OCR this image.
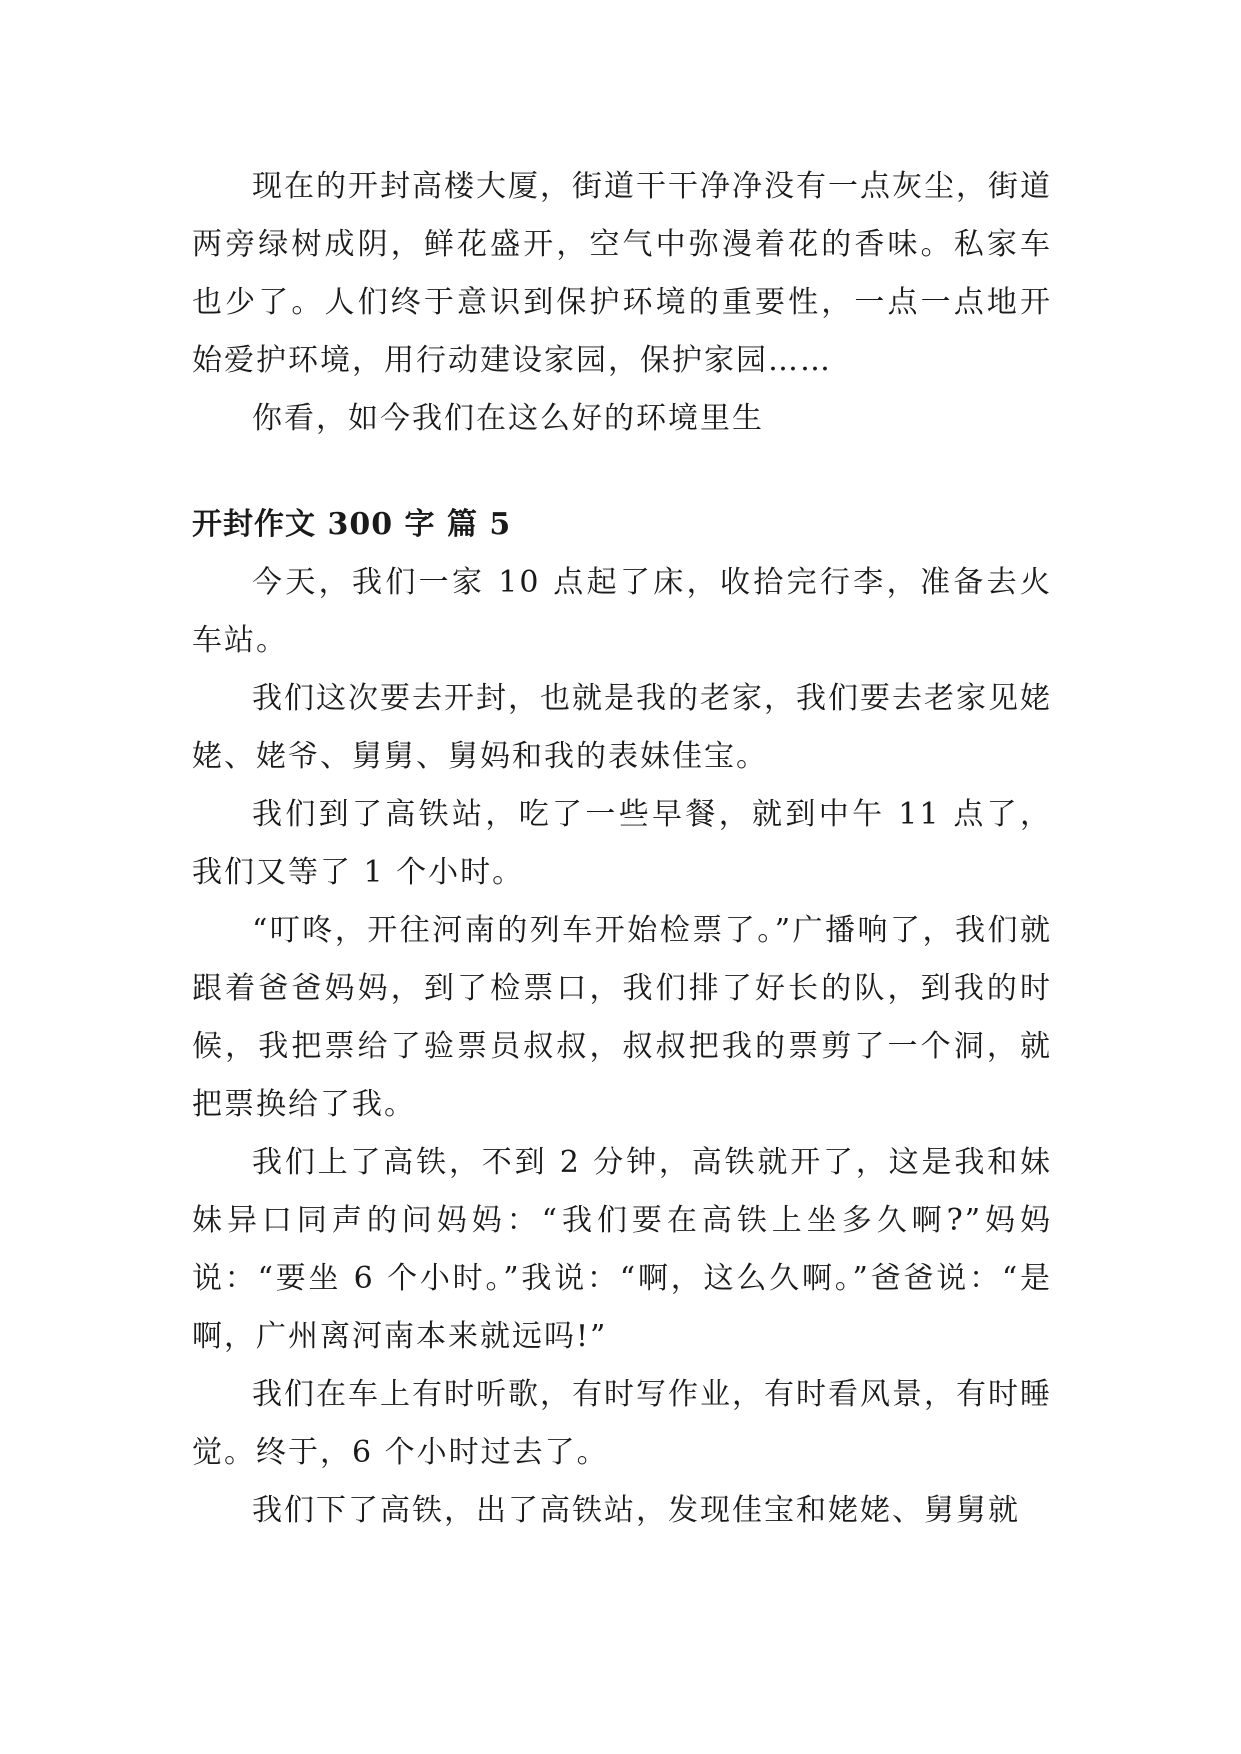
现在的开封高楼大厦，街道干干净净没有一点灰尘，街道两旁绿树成阴，鲜花盛开，空气中弥漫着花的香味。私家车也少了。人们终于意识到保护环境的重要性，一点一点地开始爱护环境，用行动建设家园，保护家园……

你看，如今我们在这么好的环境里生

开封作文 300 字 篇 5

今天，我们一家 10 点起了床，收拾完行李，准备去火车站。

我们这次要去开封，也就是我的老家，我们要去老家见姥姥、姥爷、舅舅、舅妈和我的表妹佳宝。

我们到了高铁站，吃了一些早餐，就到中午 11 点了，我们又等了 1 个小时。

“叮咚，开往河南的列车开始检票了。”广播响了，我们就跟着爸爸妈妈，到了检票口，我们排了好长的队，到我的时候，我把票给了验票员叔叔，叔叔把我的票剪了一个洞，就把票换给了我。

我们上了高铁，不到 2 分钟，高铁就开了，这是我和妹妹异口同声的问妈妈：“我们要在高铁上坐多久啊?”妈妈说：“要坐 6 个小时。”我说：“啊，这么久啊。”爸爸说：“是啊，广州离河南本来就远吗!”

我们在车上有时听歌，有时写作业，有时看风景，有时睡觉。终于，6 个小时过去了。

我们下了高铁，出了高铁站，发现佳宝和姥姥、舅舅就
